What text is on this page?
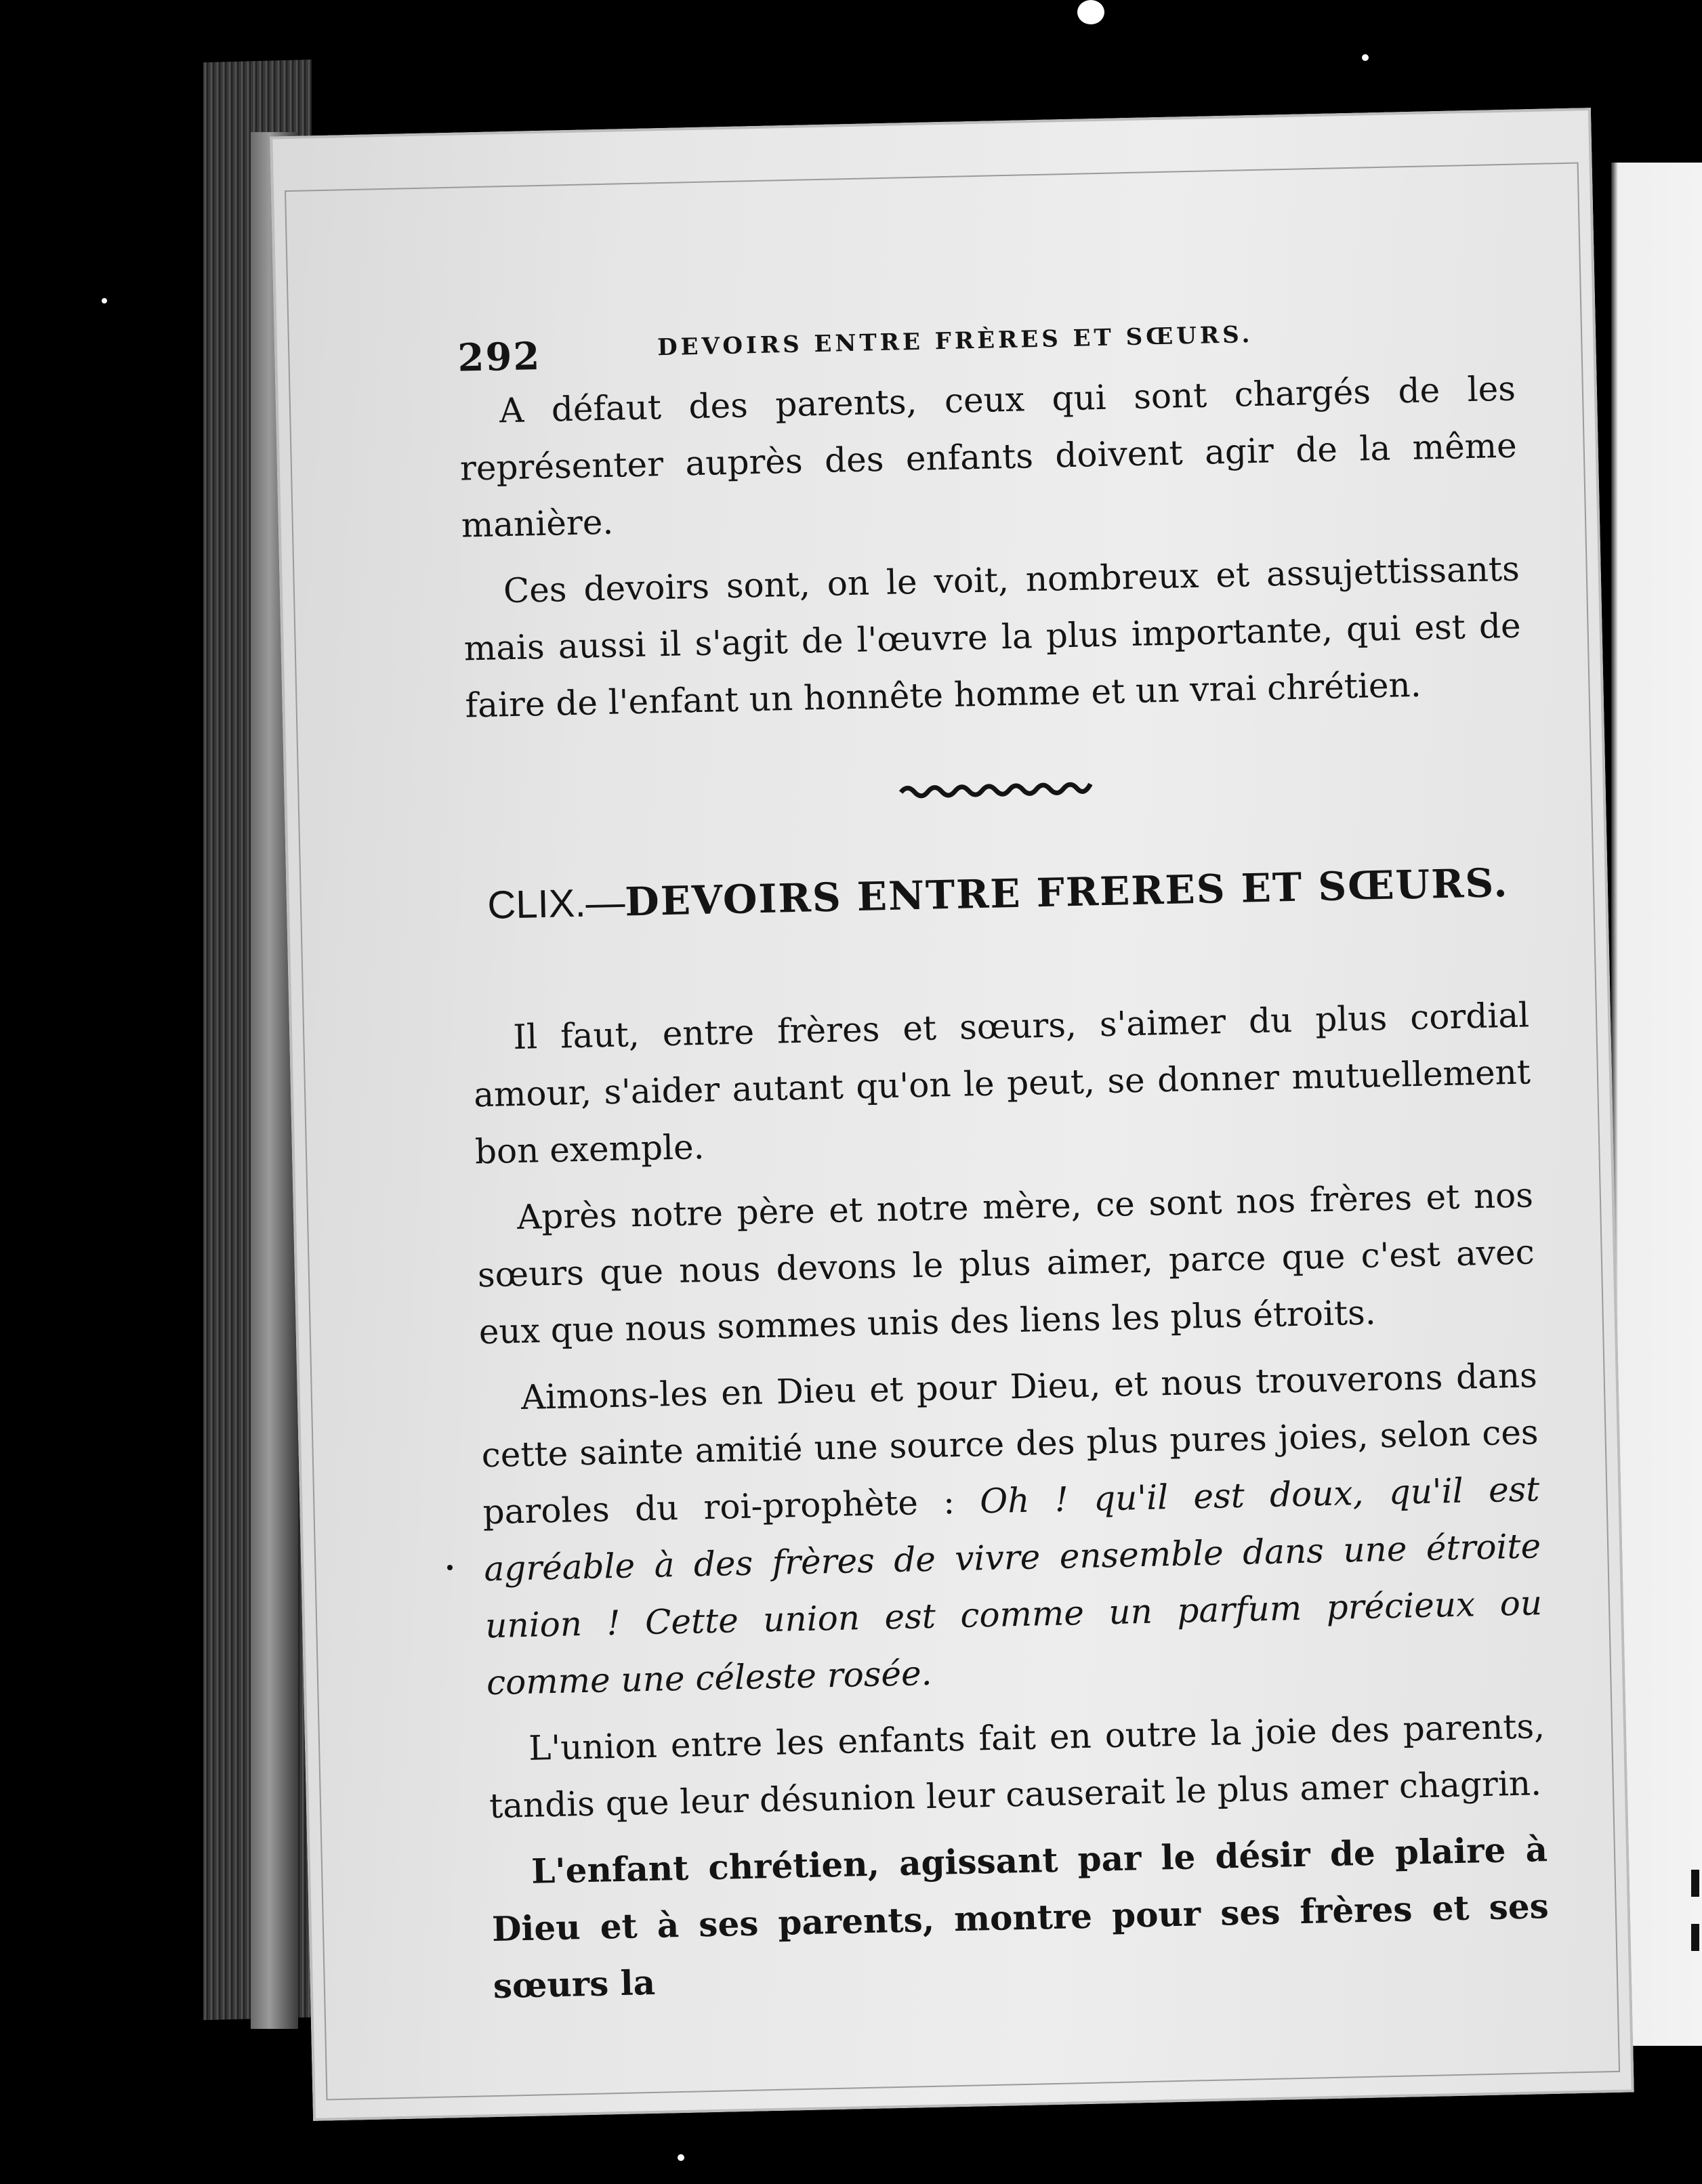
292	DEVOIRS ENTRE FRÈRES ET SŒURS.

A défaut des parents, ceux qui sont chargés de les représenter auprès des enfants doivent agir de la même manière.

Ces devoirs sont, on le voit, nombreux et assujettissants mais aussi il s'agit de l'œuvre la plus importante, qui est de faire de l'enfant un honnête homme et un vrai chrétien.

CLIX.—DEVOIRS ENTRE FRERES ET SŒURS.

Il faut, entre frères et sœurs, s'aimer du plus cordial amour, s'aider autant qu'on le peut, se donner mutuellement bon exemple.

Après notre père et notre mère, ce sont nos frères et nos sœurs que nous devons le plus aimer, parce que c'est avec eux que nous sommes unis des liens les plus étroits.

Aimons-les en Dieu et pour Dieu, et nous trouverons dans cette sainte amitié une source des plus pures joies, selon ces paroles du roi-prophète : Oh ! qu'il est doux, qu'il est agréable à des frères de vivre ensemble dans une étroite union ! Cette union est comme un parfum précieux ou comme une céleste rosée.

L'union entre les enfants fait en outre la joie des parents, tandis que leur désunion leur causerait le plus amer chagrin.

L'enfant chrétien, agissant par le désir de plaire à Dieu et à ses parents, montre pour ses frères et ses sœurs la
